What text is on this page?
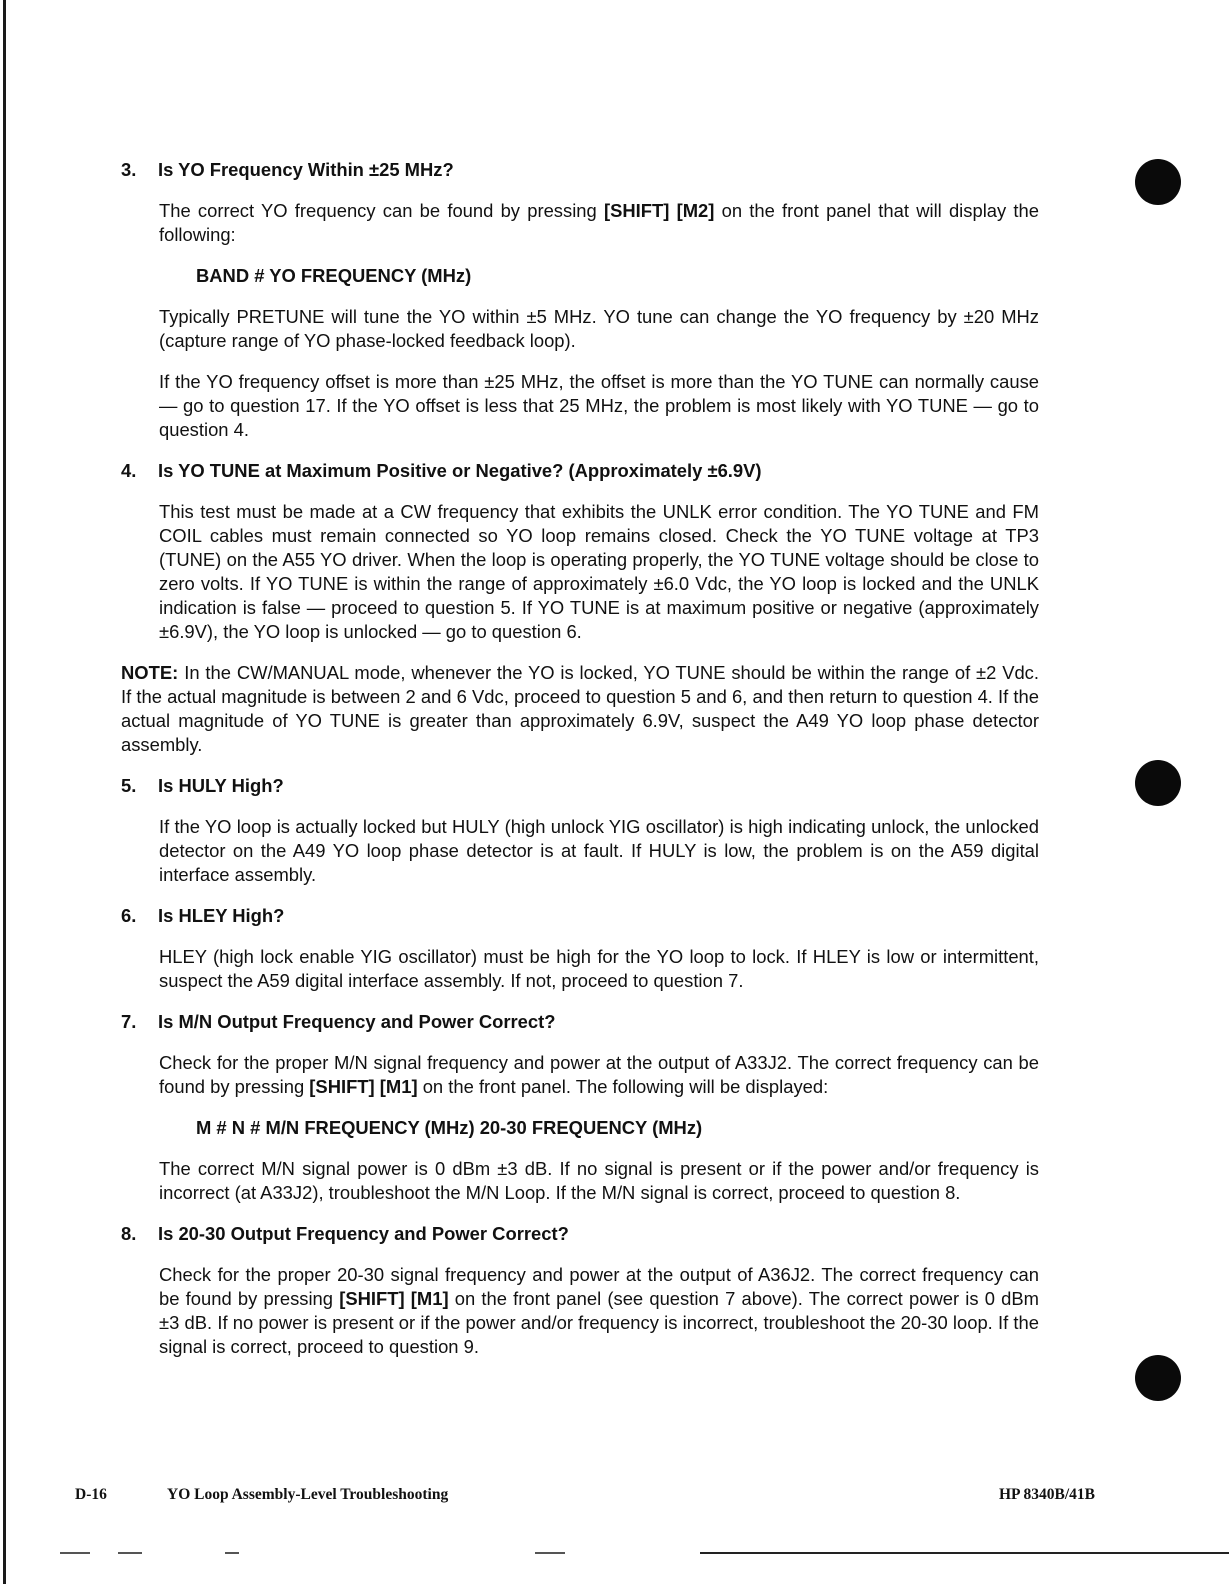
3.	Is YO Frequency Within ±25 MHz?
The correct YO frequency can be found by pressing [SHIFT] [M2] on the front panel that will display the following:
BAND # YO FREQUENCY (MHz)
Typically PRETUNE will tune the YO within ±5 MHz. YO tune can change the YO frequency by ±20 MHz (capture range of YO phase-locked feedback loop).
If the YO frequency offset is more than ±25 MHz, the offset is more than the YO TUNE can normally cause — go to question 17. If the YO offset is less that 25 MHz, the problem is most likely with YO TUNE — go to question 4.
4.	Is YO TUNE at Maximum Positive or Negative? (Approximately ±6.9V)
This test must be made at a CW frequency that exhibits the UNLK error condition. The YO TUNE and FM COIL cables must remain connected so YO loop remains closed. Check the YO TUNE voltage at TP3 (TUNE) on the A55 YO driver. When the loop is operating properly, the YO TUNE voltage should be close to zero volts. If YO TUNE is within the range of approximately ±6.0 Vdc, the YO loop is locked and the UNLK indication is false — proceed to question 5. If YO TUNE is at maximum positive or negative (approximately ±6.9V), the YO loop is unlocked — go to question 6.
NOTE: In the CW/MANUAL mode, whenever the YO is locked, YO TUNE should be within the range of ±2 Vdc. If the actual magnitude is between 2 and 6 Vdc, proceed to question 5 and 6, and then return to question 4. If the actual magnitude of YO TUNE is greater than approximately 6.9V, suspect the A49 YO loop phase detector assembly.
5.	Is HULY High?
If the YO loop is actually locked but HULY (high unlock YIG oscillator) is high indicating unlock, the unlocked detector on the A49 YO loop phase detector is at fault. If HULY is low, the problem is on the A59 digital interface assembly.
6.	Is HLEY High?
HLEY (high lock enable YIG oscillator) must be high for the YO loop to lock. If HLEY is low or intermittent, suspect the A59 digital interface assembly. If not, proceed to question 7.
7.	Is M/N Output Frequency and Power Correct?
Check for the proper M/N signal frequency and power at the output of A33J2. The correct frequency can be found by pressing [SHIFT] [M1] on the front panel. The following will be displayed:
M # N # M/N FREQUENCY (MHz) 20-30 FREQUENCY (MHz)
The correct M/N signal power is 0 dBm ±3 dB. If no signal is present or if the power and/or frequency is incorrect (at A33J2), troubleshoot the M/N Loop. If the M/N signal is correct, proceed to question 8.
8.	Is 20-30 Output Frequency and Power Correct?
Check for the proper 20-30 signal frequency and power at the output of A36J2. The correct frequency can be found by pressing [SHIFT] [M1] on the front panel (see question 7 above). The correct power is 0 dBm ±3 dB. If no power is present or if the power and/or frequency is incorrect, troubleshoot the 20-30 loop. If the signal is correct, proceed to question 9.
D-16	YO Loop Assembly-Level Troubleshooting	HP 8340B/41B
